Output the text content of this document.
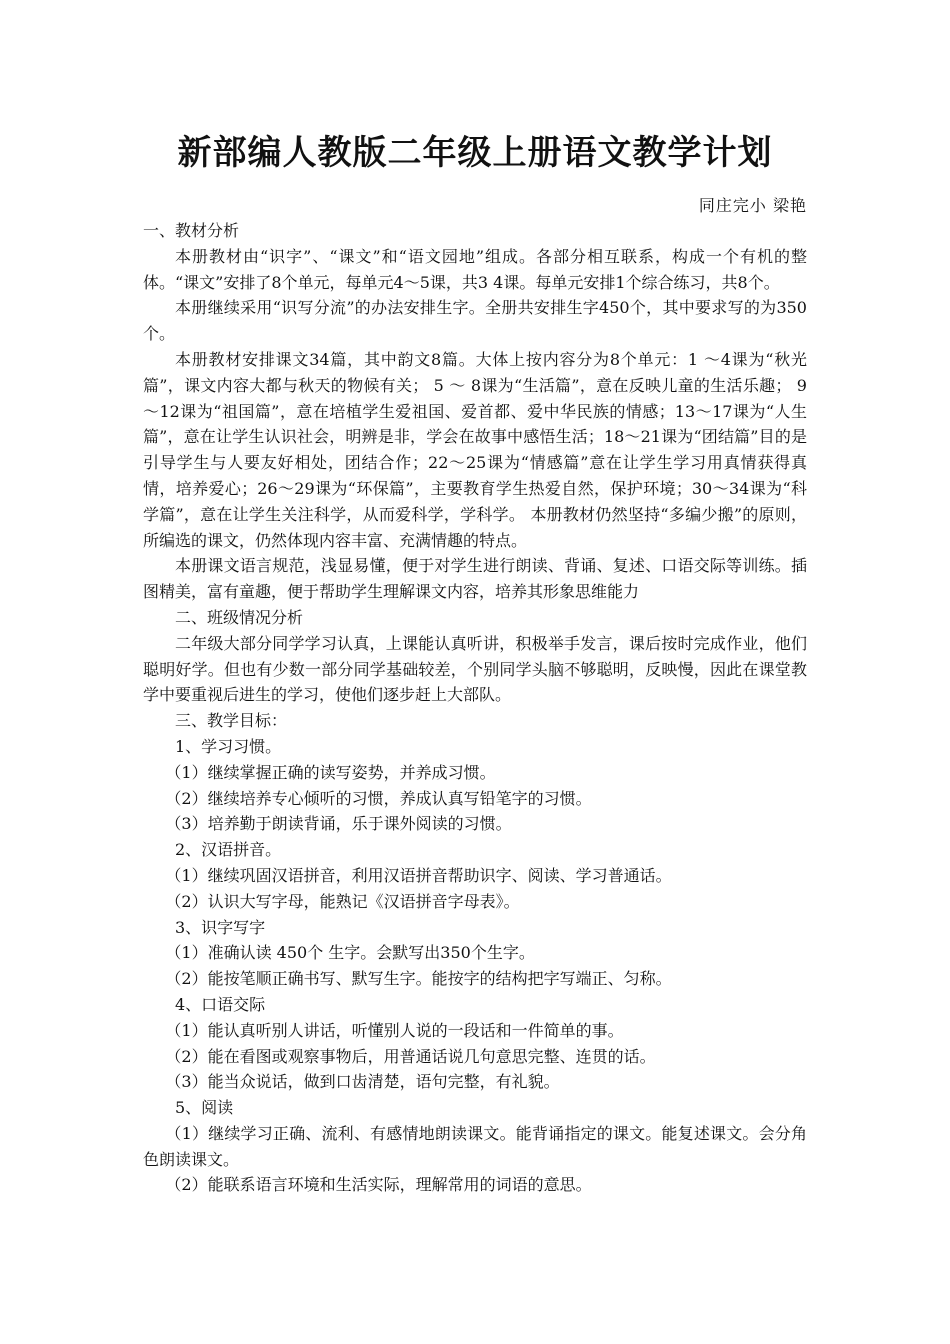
新部编人教版二年级上册语文教学计划

同庄完小 梁艳

一、教材分析

本册教材由“识字”、“课文”和“语文园地”组成。各部分相互联系，构成一个有机的整体。“课文”安排了8个单元，每单元4～5课，共3 4课。每单元安排1个综合练习，共8个。

本册继续采用“识写分流”的办法安排生字。全册共安排生字450个，其中要求写的为350个。

本册教材安排课文34篇，其中韵文8篇。大体上按内容分为8个单元：1 ～4课为“秋光篇”，课文内容大都与秋天的物候有关； 5 ～ 8课为“生活篇”，意在反映儿童的生活乐趣； 9 ～12课为“祖国篇”，意在培植学生爱祖国、爱首都、爱中华民族的情感；13～17课为“人生篇”，意在让学生认识社会，明辨是非，学会在故事中感悟生活；18～21课为“团结篇”目的是引导学生与人要友好相处，团结合作；22～25课为“情感篇”意在让学生学习用真情获得真情，培养爱心；26～29课为“环保篇”，主要教育学生热爱自然，保护环境；30～34课为“科学篇”，意在让学生关注科学，从而爱科学，学科学。 本册教材仍然坚持“多编少搬”的原则，所编选的课文，仍然体现内容丰富、充满情趣的特点。

本册课文语言规范，浅显易懂，便于对学生进行朗读、背诵、复述、口语交际等训练。插图精美，富有童趣，便于帮助学生理解课文内容，培养其形象思维能力

二、班级情况分析

二年级大部分同学学习认真，上课能认真听讲，积极举手发言，课后按时完成作业，他们聪明好学。但也有少数一部分同学基础较差，个别同学头脑不够聪明，反映慢，因此在课堂教学中要重视后进生的学习，使他们逐步赶上大部队。

三、教学目标：

1、学习习惯。

（1）继续掌握正确的读写姿势，并养成习惯。

（2）继续培养专心倾听的习惯，养成认真写铅笔字的习惯。

（3）培养勤于朗读背诵，乐于课外阅读的习惯。

2、汉语拼音。

（1）继续巩固汉语拼音，利用汉语拼音帮助识字、阅读、学习普通话。

（2）认识大写字母，能熟记《汉语拼音字母表》。

3、识字写字

（1）准确认读 450个 生字。会默写出350个生字。

（2）能按笔顺正确书写、默写生字。能按字的结构把字写端正、匀称。

4、口语交际

（1）能认真听别人讲话，听懂别人说的一段话和一件简单的事。

（2）能在看图或观察事物后，用普通话说几句意思完整、连贯的话。

（3）能当众说话，做到口齿清楚，语句完整，有礼貌。

5、阅读

（1）继续学习正确、流利、有感情地朗读课文。能背诵指定的课文。能复述课文。会分角色朗读课文。

（2）能联系语言环境和生活实际，理解常用的词语的意思。
